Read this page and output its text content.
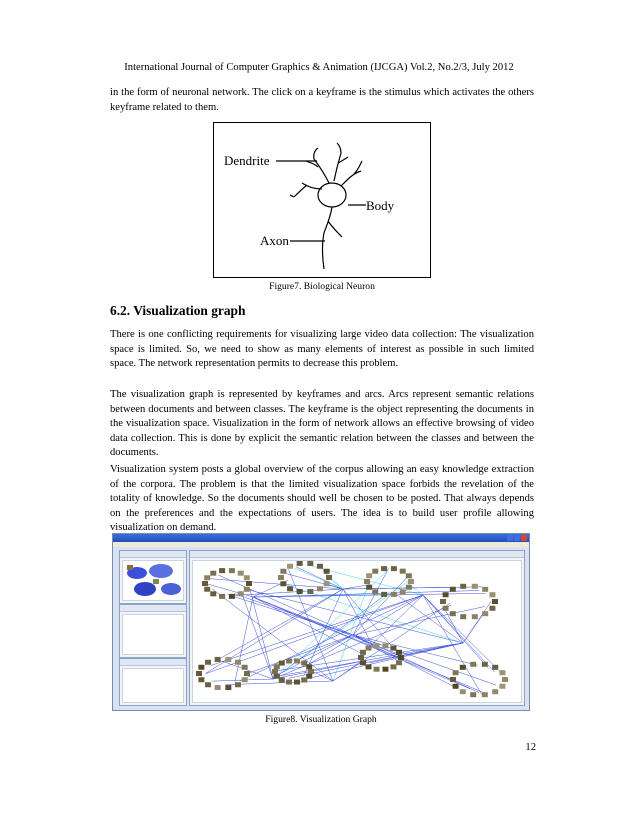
International Journal of Computer Graphics & Animation (IJCGA) Vol.2, No.2/3, July 2012

in the form of neuronal network. The click on a keyframe is the stimulus which activates the others keyframe related to them.

Dendrite
Body
Axon
Figure7. Biological Neuron
6.2. Visualization graph

There is one conflicting requirements for visualizing large video data collection: The visualization space is limited. So, we need to show as many elements of interest as possible in such limited space. The network representation permits to decrease this problem.

The visualization graph is represented by keyframes and arcs. Arcs represent semantic relations between documents and between classes. The keyframe is the object representing the documents in the visualization space. Visualization in the form of network allows an effective browsing of video data collection. This is done by explicit the semantic relation between the classes and between the documents.

Visualization system posts a global overview of the corpus allowing an easy knowledge extraction of the corpora. The problem is that the limited visualization space forbids the revelation of the totality of knowledge. So the documents should well be chosen to be posted. That always depends on the preferences and the expectations of users. The idea is to build user profile allowing visualization on demand.

Figure8. Visualization Graph
12
